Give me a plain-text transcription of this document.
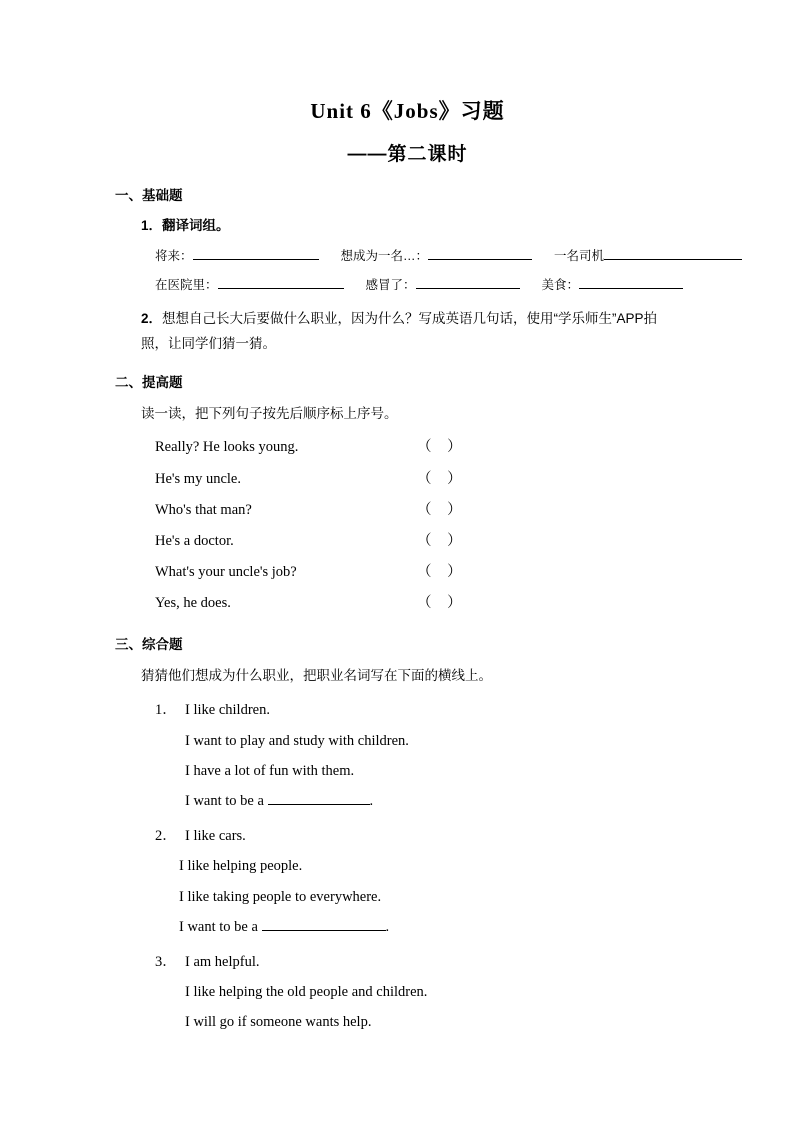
Unit 6《Jobs》习题
——第二课时
一、基础题
1．翻译词组。
将来：	想成为一名…：	一名司机
在医院里：	感冒了：	美食：
2．想想自己长大后要做什么职业，因为什么？写成英语几句话，使用“学乐师生”APP拍照，让同学们猜一猜。
二、提高题
读一读，把下列句子按先后顺序标上序号。
Really? He looks young.	（ ）
He's my uncle.	（ ）
Who's that man?	（ ）
He's a doctor.	（ ）
What's your uncle's job?	（ ）
Yes, he does.	（ ）
三、综合题
猜猜他们想成为什么职业，把职业名词写在下面的横线上。
1． I like children.
I want to play and study with children.
I have a lot of fun with them.
I want to be a	.
2． I like cars.
I like helping people.
I like taking people to everywhere.
I want to be a	.
3． I am helpful.
I like helping the old people and children.
I will go if someone wants help.
